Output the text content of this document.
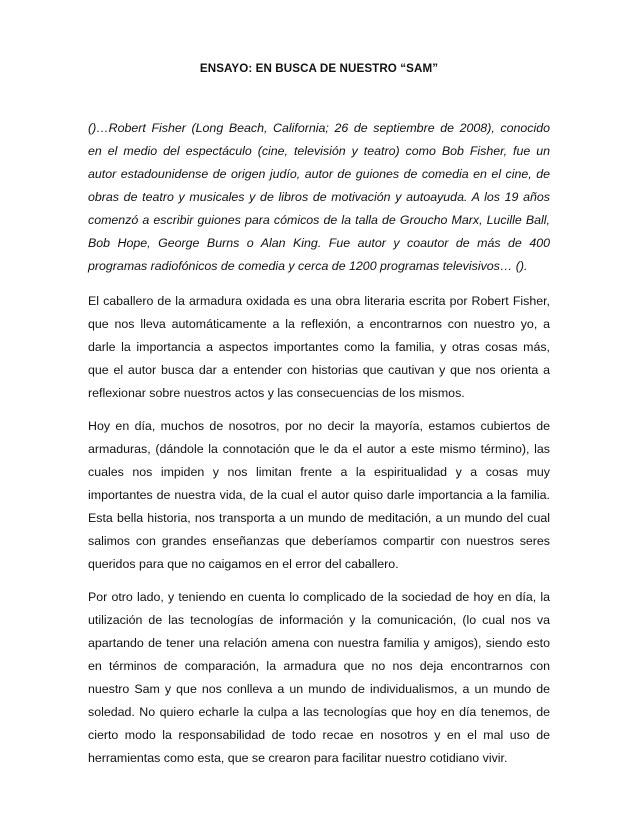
ENSAYO: EN BUSCA DE NUESTRO “SAM”
()…Robert Fisher (Long Beach, California; 26 de septiembre de 2008), conocido
en el medio del espectáculo (cine, televisión y teatro) como Bob Fisher, fue un
autor estadounidense de origen judío, autor de guiones de comedia en el cine, de
obras de teatro y musicales y de libros de motivación y autoayuda. A los 19 años
comenzó a escribir guiones para cómicos de la talla de Groucho Marx, Lucille Ball,
Bob Hope, George Burns o Alan King. Fue autor y coautor de más de 400
programas radiofónicos de comedia y cerca de 1200 programas televisivos… ().
El caballero de la armadura oxidada es una obra literaria escrita por Robert Fisher,
que nos lleva automáticamente a la reflexión, a encontrarnos con nuestro yo, a
darle la importancia a aspectos importantes como la familia, y otras cosas más,
que el autor busca dar a entender con historias que cautivan y que nos orienta a
reflexionar sobre nuestros actos y las consecuencias de los mismos.
Hoy en día, muchos de nosotros, por no decir la mayoría, estamos cubiertos de
armaduras, (dándole la connotación que le da el autor a este mismo término), las
cuales nos impiden y nos limitan frente a la espiritualidad y a cosas muy
importantes de nuestra vida, de la cual el autor quiso darle importancia a la familia.
Esta bella historia, nos transporta a un mundo de meditación, a un mundo del cual
salimos con grandes enseñanzas que deberíamos compartir con nuestros seres
queridos para que no caigamos en el error del caballero.
Por otro lado, y teniendo en cuenta lo complicado de la sociedad de hoy en día, la
utilización de las tecnologías de información y la comunicación, (lo cual nos va
apartando de tener una relación amena con nuestra familia y amigos), siendo esto
en términos de comparación, la armadura que no nos deja encontrarnos con
nuestro Sam y que nos conlleva a un mundo de individualismos, a un mundo de
soledad. No quiero echarle la culpa a las tecnologías que hoy en día tenemos, de
cierto modo la responsabilidad de todo recae en nosotros y en el mal uso de
herramientas como esta, que se crearon para facilitar nuestro cotidiano vivir.
